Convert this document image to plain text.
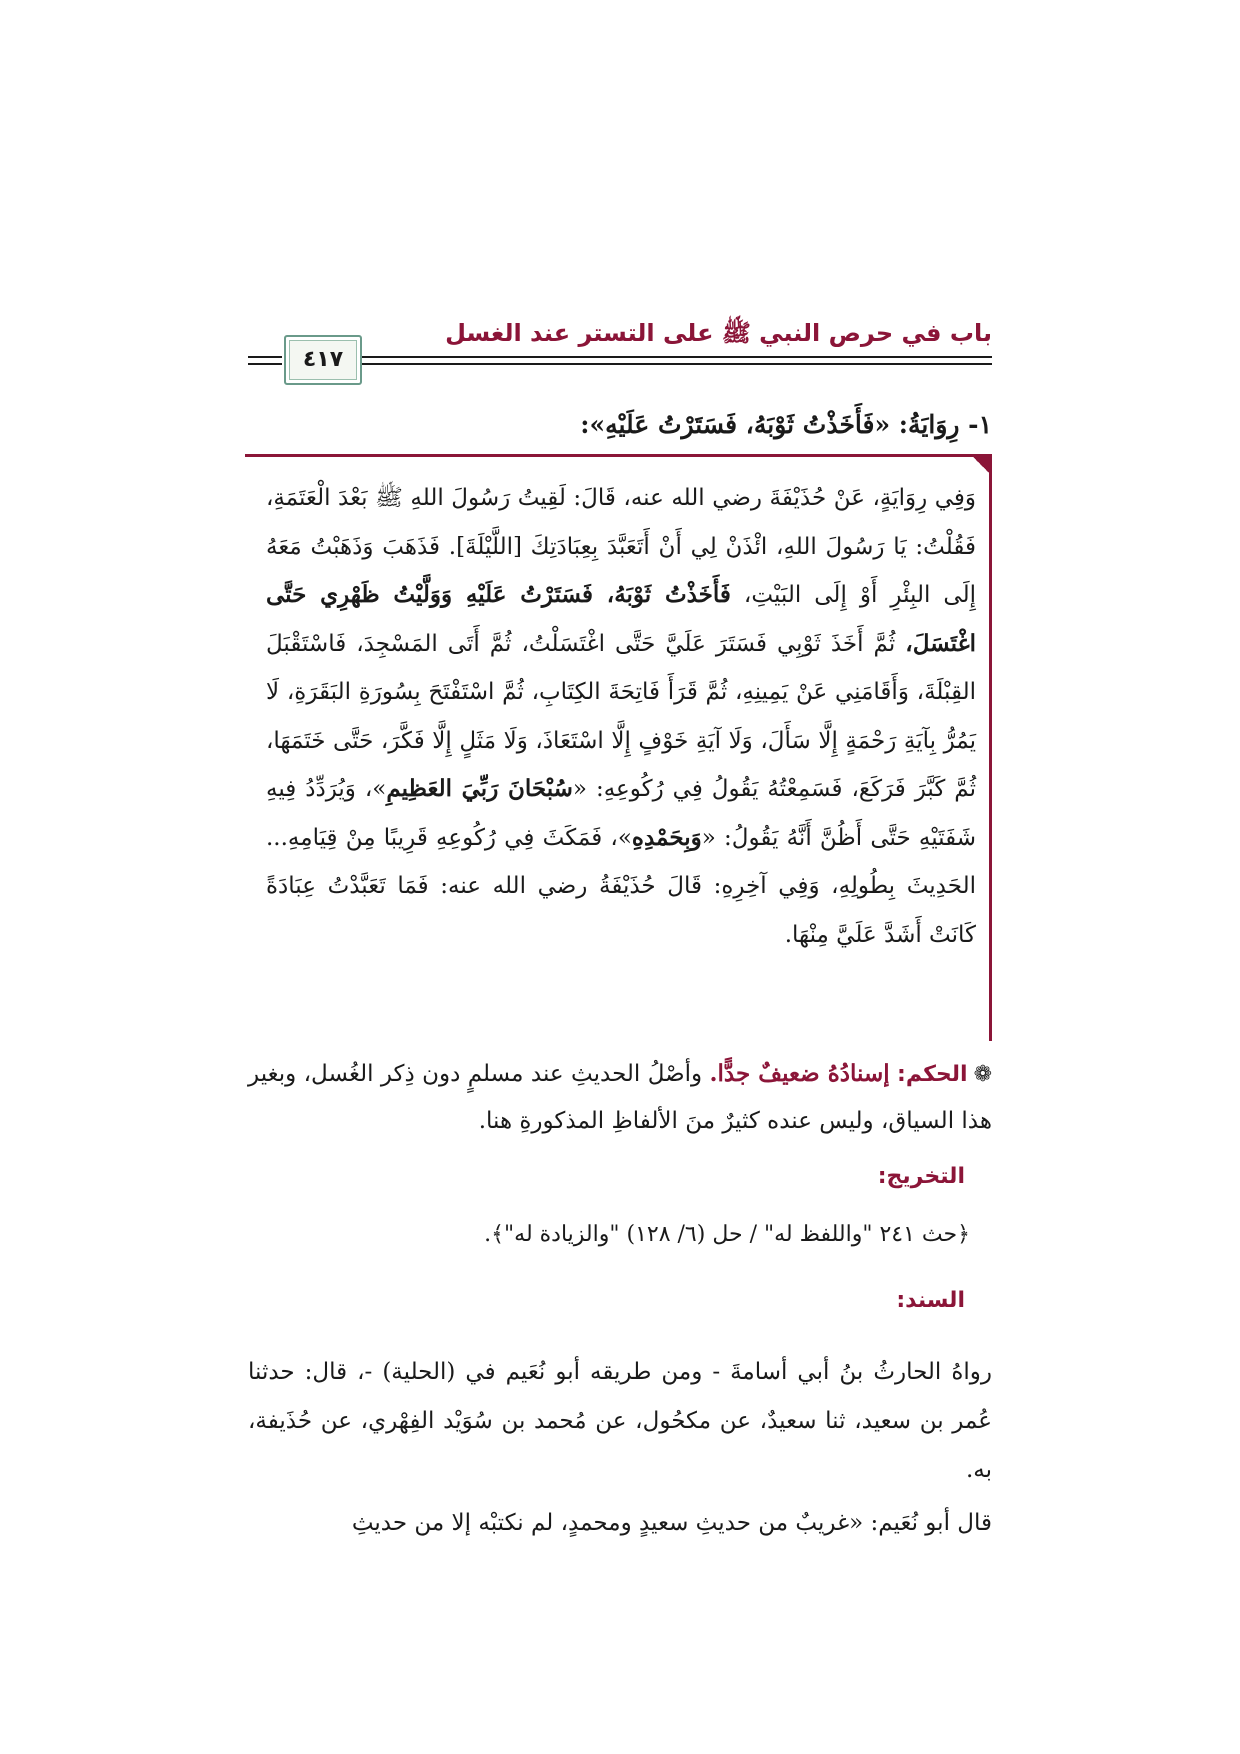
باب في حرص النبي ﷺ على التستر عند الغسل
٤١٧
١- رِوَايَةُ: «فَأَخَذْتُ ثَوْبَهُ، فَسَتَرْتُ عَلَيْهِ»:
وَفِي رِوَايَةٍ، عَنْ حُذَيْفَةَ رضي الله عنه، قَالَ: لَقِيتُ رَسُولَ اللهِ ﷺ بَعْدَ الْعَتَمَةِ، فَقُلْتُ: يَا رَسُولَ اللهِ، ائْذَنْ لِي أَنْ أَتَعَبَّدَ بِعِبَادَتِكَ [اللَّيْلَةَ]. فَذَهَبَ وَذَهَبْتُ مَعَهُ إِلَى البِئْرِ أَوْ إِلَى البَيْتِ، فَأَخَذْتُ ثَوْبَهُ، فَسَتَرْتُ عَلَيْهِ وَوَلَّيْتُ ظَهْرِي حَتَّى اغْتَسَلَ، ثُمَّ أَخَذَ ثَوْبِي فَسَتَرَ عَلَيَّ حَتَّى اغْتَسَلْتُ، ثُمَّ أَتَى المَسْجِدَ، فَاسْتَقْبَلَ القِبْلَةَ، وَأَقَامَنِي عَنْ يَمِينِهِ، ثُمَّ قَرَأَ فَاتِحَةَ الكِتَابِ، ثُمَّ اسْتَفْتَحَ بِسُورَةِ البَقَرَةِ، لَا يَمُرُّ بِآيَةِ رَحْمَةٍ إِلَّا سَأَلَ، وَلَا آيَةِ خَوْفٍ إِلَّا اسْتَعَاذَ، وَلَا مَثَلٍ إِلَّا فَكَّرَ، حَتَّى خَتَمَهَا، ثُمَّ كَبَّرَ فَرَكَعَ، فَسَمِعْتُهُ يَقُولُ فِي رُكُوعِهِ: «سُبْحَانَ رَبِّيَ العَظِيمِ»، وَيُرَدِّدُ فِيهِ شَفَتَيْهِ حَتَّى أَظُنَّ أَنَّهُ يَقُولُ: «وَبِحَمْدِهِ»، فَمَكَثَ فِي رُكُوعِهِ قَرِيبًا مِنْ قِيَامِهِ... الحَدِيثَ بِطُولِهِ، وَفِي آخِرِهِ: قَالَ حُذَيْفَةُ رضي الله عنه: فَمَا تَعَبَّدْتُ عِبَادَةً كَانَتْ أَشَدَّ عَلَيَّ مِنْهَا.
❁الحكم: إسنادُهُ ضعيفٌ جدًّا. وأصْلُ الحديثِ عند مسلمٍ دون ذِكر الغُسل، وبغير هذا السياق، وليس عنده كثيرٌ منَ الألفاظِ المذكورةِ هنا.
التخريج:
﴿حث ٢٤١ "واللفظ له" / حل (٦/ ١٢٨) "والزيادة له"﴾.
السند:
رواهُ الحارثُ بنُ أبي أسامةَ - ومن طريقه أبو نُعَيم في (الحلية) -، قال: حدثنا عُمر بن سعيد، ثنا سعيدٌ، عن مكحُول، عن مُحمد بن سُوَيْد الفِهْري، عن حُذَيفة، به.
قال أبو نُعَيم: «غريبٌ من حديثِ سعيدٍ ومحمدٍ، لم نكتبْه إلا من حديثِ
